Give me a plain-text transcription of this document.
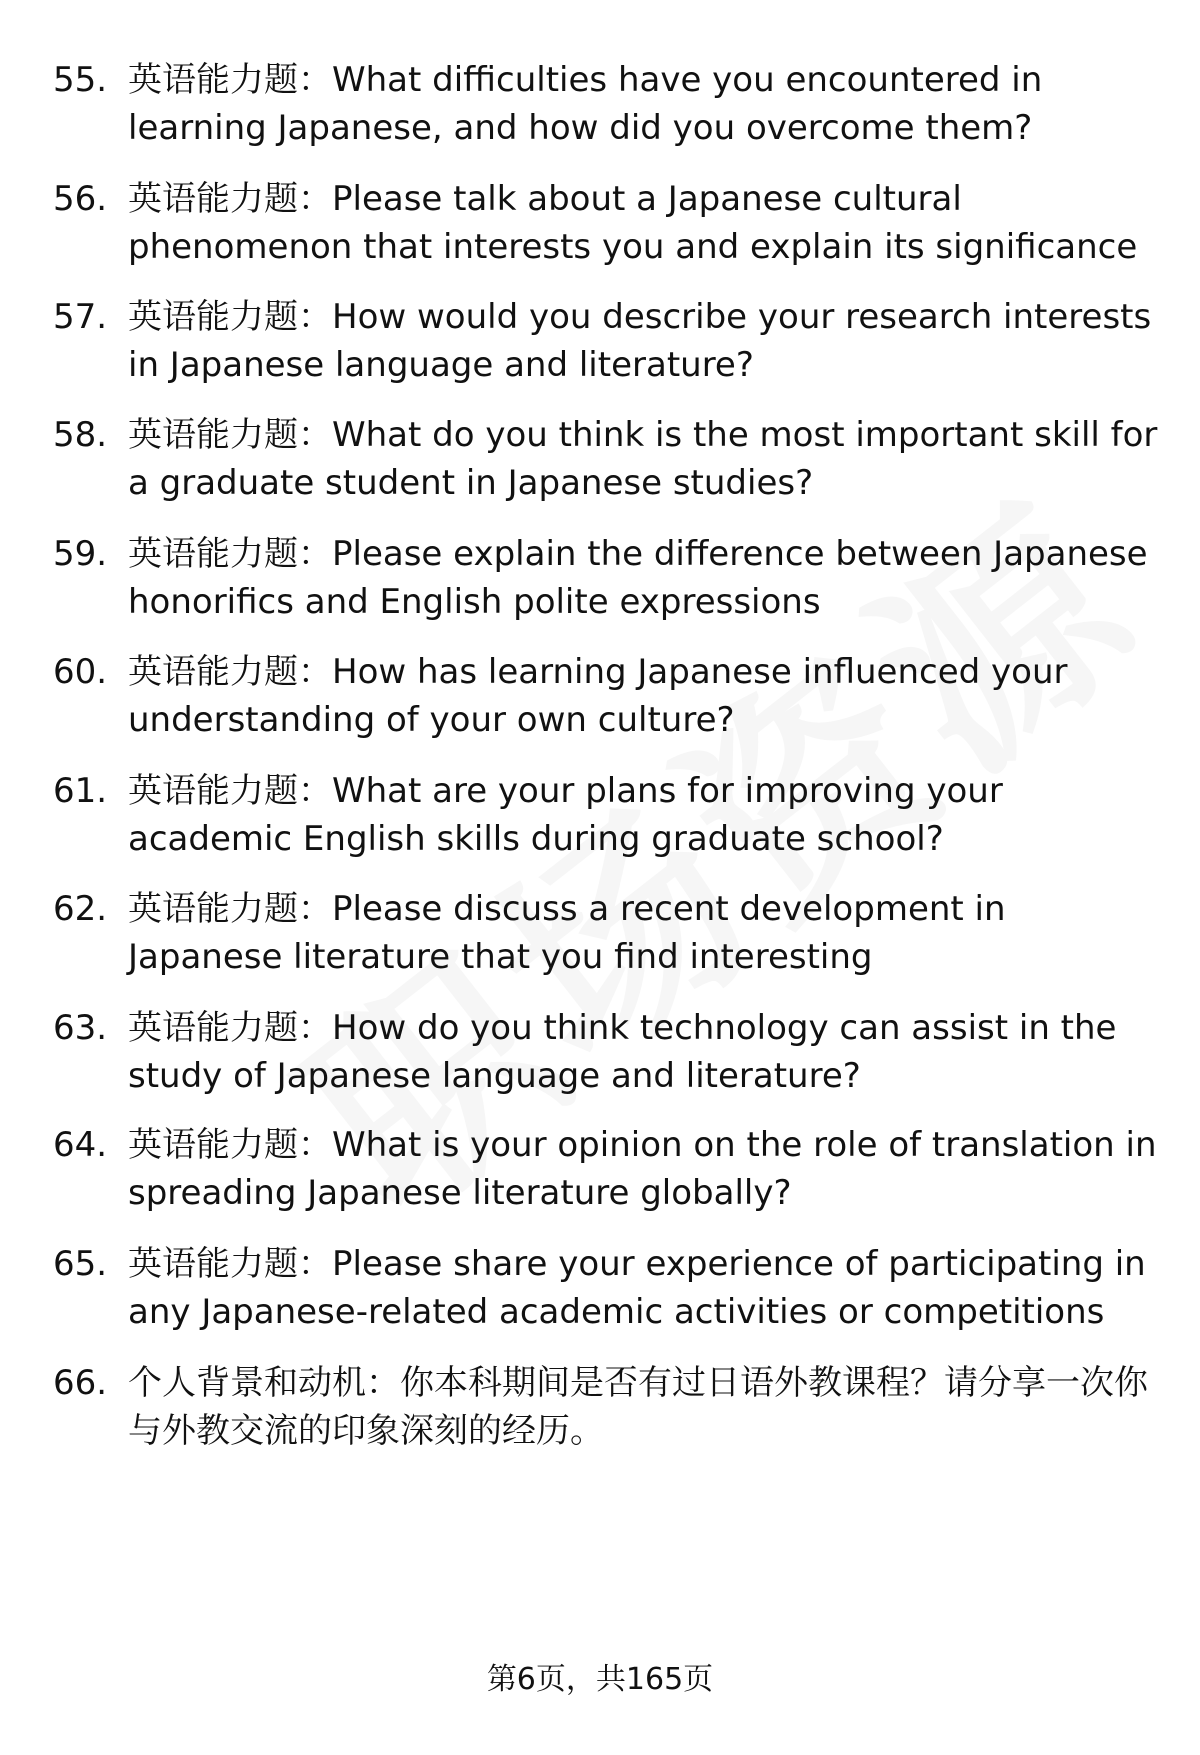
55. 英语能力题：What difficulties have you encountered in learning Japanese, and how did you overcome them?
56. 英语能力题：Please talk about a Japanese cultural phenomenon that interests you and explain its significance
57. 英语能力题：How would you describe your research interests in Japanese language and literature?
58. 英语能力题：What do you think is the most important skill for a graduate student in Japanese studies?
59. 英语能力题：Please explain the difference between Japanese honorifics and English polite expressions
60. 英语能力题：How has learning Japanese influenced your understanding of your own culture?
61. 英语能力题：What are your plans for improving your academic English skills during graduate school?
62. 英语能力题：Please discuss a recent development in Japanese literature that you find interesting
63. 英语能力题：How do you think technology can assist in the study of Japanese language and literature?
64. 英语能力题：What is your opinion on the role of translation in spreading Japanese literature globally?
65. 英语能力题：Please share your experience of participating in any Japanese-related academic activities or competitions
66. 个人背景和动机：你本科期间是否有过日语外教课程？请分享一次你与外教交流的印象深刻的经历。
第6页，共165页
